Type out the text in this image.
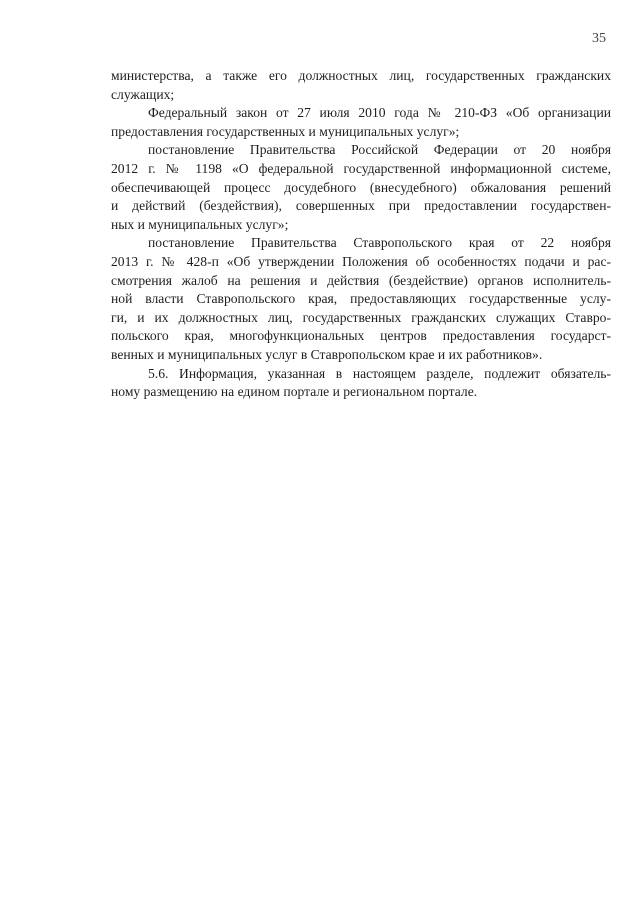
35
министерства, а также его должностных лиц, государственных гражданских
служащих;
Федеральный закон от 27 июля 2010 года № 210-ФЗ «Об организации
предоставления государственных и муниципальных услуг»;
постановление Правительства Российской Федерации от 20 ноября
2012 г. № 1198 «О федеральной государственной информационной системе,
обеспечивающей процесс досудебного (внесудебного) обжалования решений
и действий (бездействия), совершенных при предоставлении государствен-
ных и муниципальных услуг»;
постановление Правительства Ставропольского края от 22 ноября
2013 г. № 428-п «Об утверждении Положения об особенностях подачи и рас-
смотрения жалоб на решения и действия (бездействие) органов исполнитель-
ной власти Ставропольского края, предоставляющих государственные услу-
ги, и их должностных лиц, государственных гражданских служащих Ставро-
польского края, многофункциональных центров предоставления государст-
венных и муниципальных услуг в Ставропольском крае и их работников».
5.6. Информация, указанная в настоящем разделе, подлежит обязатель-
ному размещению на едином портале и региональном портале.
